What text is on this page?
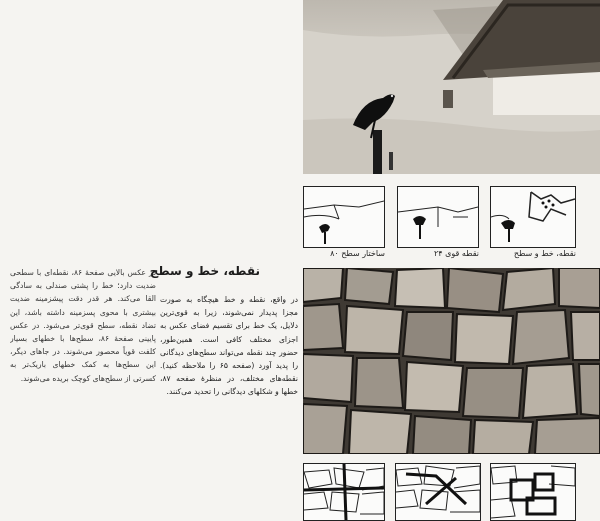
ساختار سطح ۸۰	نقطه قوی ۲۴	نقطه، خط و سطح
نقطه، خط و سطح
در واقع، نقطه و خط هیچگاه به صورت مجزا پدیدار نمی‌شوند، زیرا به قوی‌ترین دلایل، یک خط برای تقسیم فضای عکس به اجزای مختلف کافی است. همین‌طور، حضور چند نقطه می‌تواند سطح‌های دیدگانی را پدید آورد (صفحه ۶۵ را ملاحظه کنید). نقطه‌های مختلف، در منظرهٔ صفحه ۸۷، خطها و شکلهای دیدگانی را تحدید می‌کنند.
در عکس بالایی صفحهٔ ۸۶، نقطه‌ای با سطحی ضدیت دارد؛ خط را پشتی صندلی به سادگی القا می‌کند. هر قدر دقت پیشزمینه ضدیت بیشتری با محوی پسزمینه داشته باشد، این تضاد نقطه، سطح قوی‌تر می‌شود. در عکس پایینی صفحهٔ ۸۶، سطح‌ها با خطهای بسیار کلفت قویاً محصور می‌شوند. در جاهای دیگر، این سطح‌ها به کمک خطهای باریک‌تر به کسرتی از سطح‌های کوچک بریده می‌شوند.
